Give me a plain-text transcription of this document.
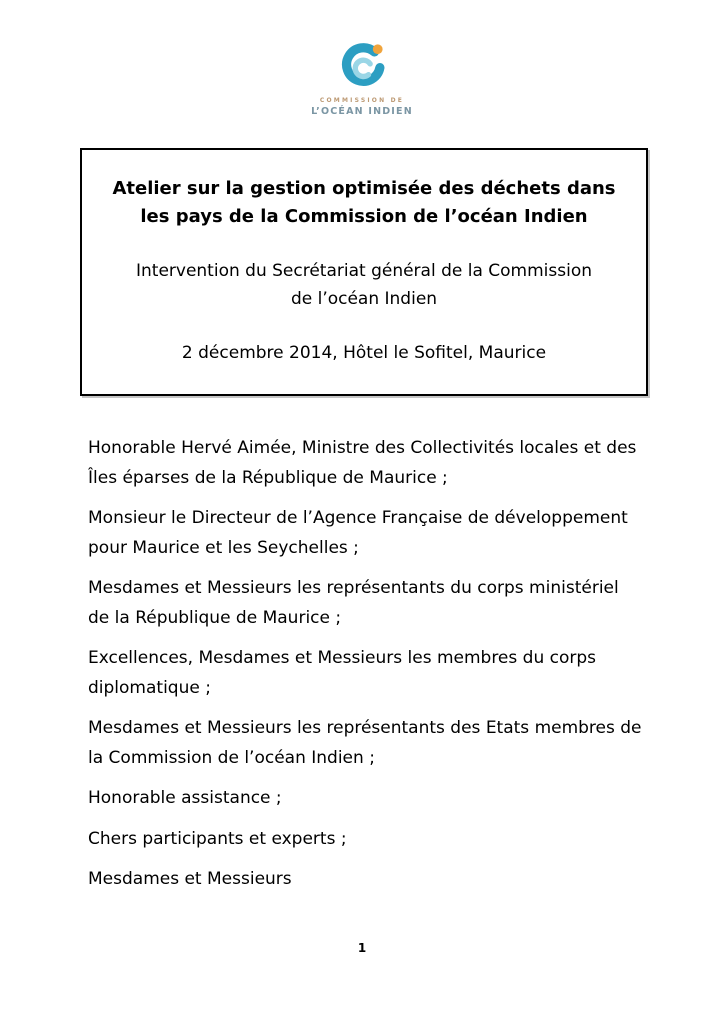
COMMISSION DE
L’OCÉAN INDIEN
Atelier sur la gestion optimisée des déchets dans
les pays de la Commission de l’océan Indien
Intervention du Secrétariat général de la Commission
de l’océan Indien
2 décembre 2014, Hôtel le Sofitel, Maurice

Honorable Hervé Aimée, Ministre des Collectivités locales et des Îles éparses de la République de Maurice ;

Monsieur le Directeur de l’Agence Française de développement pour Maurice et les Seychelles ;

Mesdames et Messieurs les représentants du corps ministériel de la République de Maurice ;

Excellences, Mesdames et Messieurs les membres du corps diplomatique ;

Mesdames et Messieurs les représentants des Etats membres de la Commission de l’océan Indien ;

Honorable assistance ;

Chers participants et experts ;

Mesdames et Messieurs

1
